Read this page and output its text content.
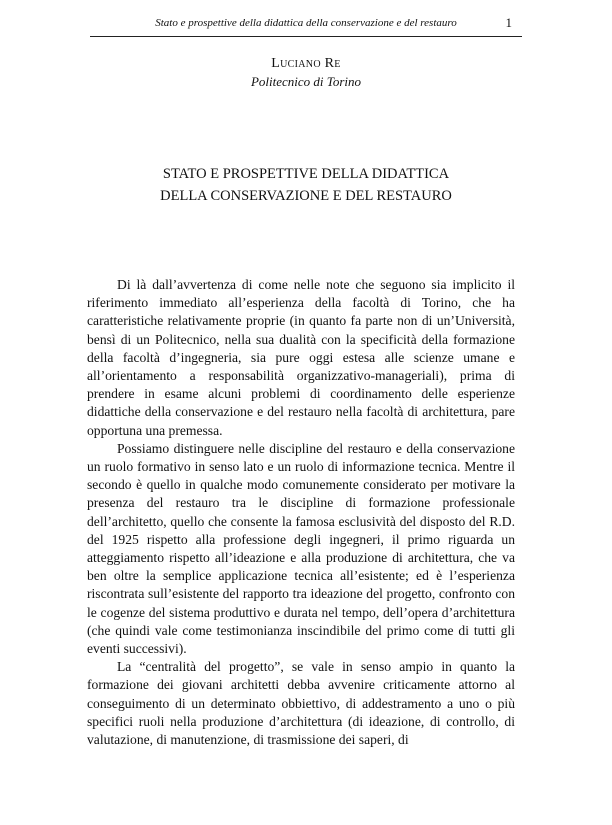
Stato e prospettive della didattica della conservazione e del restauro	1
Luciano Re
Politecnico di Torino
STATO E PROSPETTIVE DELLA DIDATTICA
DELLA CONSERVAZIONE E DEL RESTAURO

Di là dall’avvertenza di come nelle note che seguono sia implicito il riferimento immediato all’esperienza della facoltà di Torino, che ha caratteristiche relativamente proprie (in quanto fa parte non di un’Università, bensì di un Politecnico, nella sua dualità con la specificità della formazione della facoltà d’ingegneria, sia pure oggi estesa alle scienze umane e all’orientamento a responsabilità organizzativo-manageriali), prima di prendere in esame alcuni problemi di coordinamento delle esperienze didattiche della conservazione e del restauro nella facoltà di architettura, pare opportuna una premessa.

Possiamo distinguere nelle discipline del restauro e della conservazione un ruolo formativo in senso lato e un ruolo di informazione tecnica. Mentre il secondo è quello in qualche modo comunemente considerato per motivare la presenza del restauro tra le discipline di formazione professionale dell’architetto, quello che consente la famosa esclusività del disposto del R.D. del 1925 rispetto alla professione degli ingegneri, il primo riguarda un atteggiamento rispetto all’ideazione e alla produzione di architettura, che va ben oltre la semplice applicazione tecnica all’esistente; ed è l’esperienza riscontrata sull’esistente del rapporto tra ideazione del progetto, confronto con le cogenze del sistema produttivo e durata nel tempo, dell’opera d’architettura (che quindi vale come testimonianza inscindibile del primo come di tutti gli eventi successivi).

La “centralità del progetto”, se vale in senso ampio in quanto la formazione dei giovani architetti debba avvenire criticamente attorno al conseguimento di un determinato obbiettivo, di addestramento a uno o più specifici ruoli nella produzione d’architettura (di ideazione, di controllo, di valutazione, di manutenzione, di trasmissione dei saperi, di
